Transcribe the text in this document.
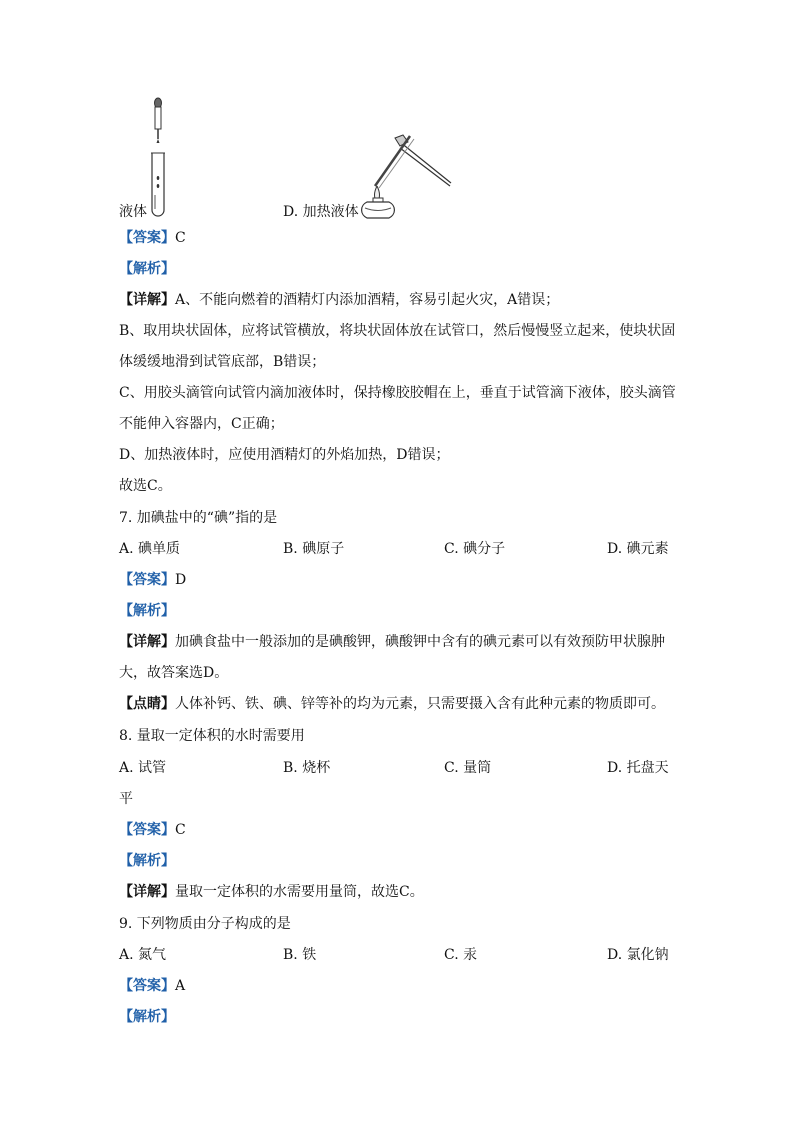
液体	D. 加热液体
【答案】C
【解析】
【详解】A、不能向燃着的酒精灯内添加酒精，容易引起火灾，A错误；
B、取用块状固体，应将试管横放，将块状固体放在试管口，然后慢慢竖立起来，使块状固
体缓缓地滑到试管底部，B错误；
C、用胶头滴管向试管内滴加液体时，保持橡胶胶帽在上，垂直于试管滴下液体，胶头滴管
不能伸入容器内，C正确；
D、加热液体时，应使用酒精灯的外焰加热，D错误；
故选C。
7. 加碘盐中的“碘”指的是
A. 碘单质	B. 碘原子	C. 碘分子	D. 碘元素
【答案】D
【解析】
【详解】加碘食盐中一般添加的是碘酸钾，碘酸钾中含有的碘元素可以有效预防甲状腺肿
大，故答案选D。
【点睛】人体补钙、铁、碘、锌等补的均为元素，只需要摄入含有此种元素的物质即可。
8. 量取一定体积的水时需要用
A. 试管	B. 烧杯	C. 量筒	D. 托盘天
平
【答案】C
【解析】
【详解】量取一定体积的水需要用量筒，故选C。
9. 下列物质由分子构成的是
A. 氮气	B. 铁	C. 汞	D. 氯化钠
【答案】A
【解析】
